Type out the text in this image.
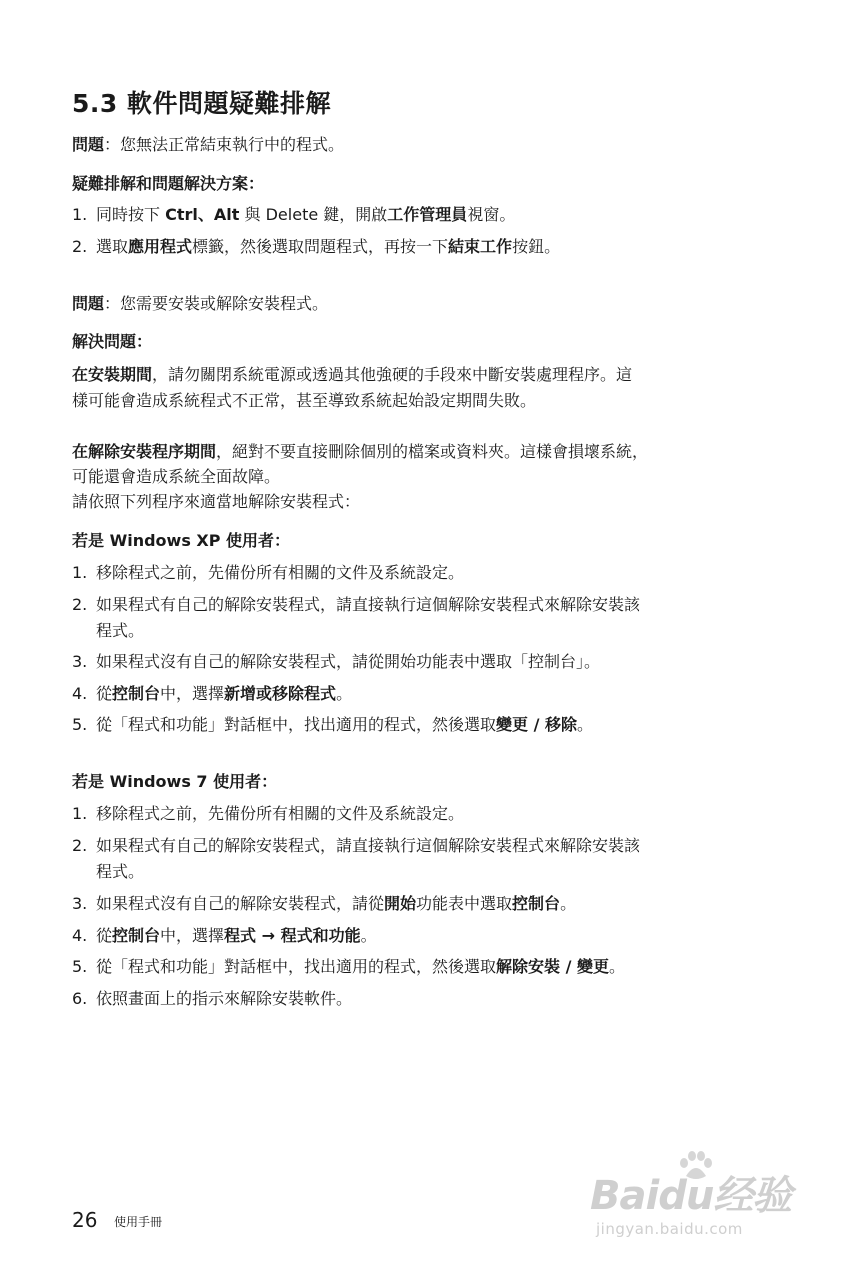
5.3 軟件問題疑難排解
問題：您無法正常結束執行中的程式。
疑難排解和問題解決方案：
1. 同時按下 Ctrl、Alt 與 Delete 鍵，開啟工作管理員視窗。
2. 選取應用程式標籤，然後選取問題程式，再按一下結束工作按鈕。
問題：您需要安裝或解除安裝程式。
解決問題：
在安裝期間，請勿關閉系統電源或透過其他強硬的手段來中斷安裝處理程序。這
樣可能會造成系統程式不正常，甚至導致系統起始設定期間失敗。
在解除安裝程序期間，絕對不要直接刪除個別的檔案或資料夾。這樣會損壞系統，
可能還會造成系統全面故障。
請依照下列程序來適當地解除安裝程式：
若是 Windows XP 使用者：
1. 移除程式之前，先備份所有相關的文件及系統設定。
2. 如果程式有自己的解除安裝程式，請直接執行這個解除安裝程式來解除安裝該
程式。
3. 如果程式沒有自己的解除安裝程式，請從開始功能表中選取「控制台」。
4. 從控制台中，選擇新增或移除程式。
5. 從「程式和功能」對話框中，找出適用的程式，然後選取變更 / 移除。
若是 Windows 7 使用者：
1. 移除程式之前，先備份所有相關的文件及系統設定。
2. 如果程式有自己的解除安裝程式，請直接執行這個解除安裝程式來解除安裝該
程式。
3. 如果程式沒有自己的解除安裝程式，請從開始功能表中選取控制台。
4. 從控制台中，選擇程式 → 程式和功能。
5. 從「程式和功能」對話框中，找出適用的程式，然後選取解除安裝 / 變更。
6. 依照畫面上的指示來解除安裝軟件。
26 使用手冊
Baidu经验
jingyan.baidu.com
